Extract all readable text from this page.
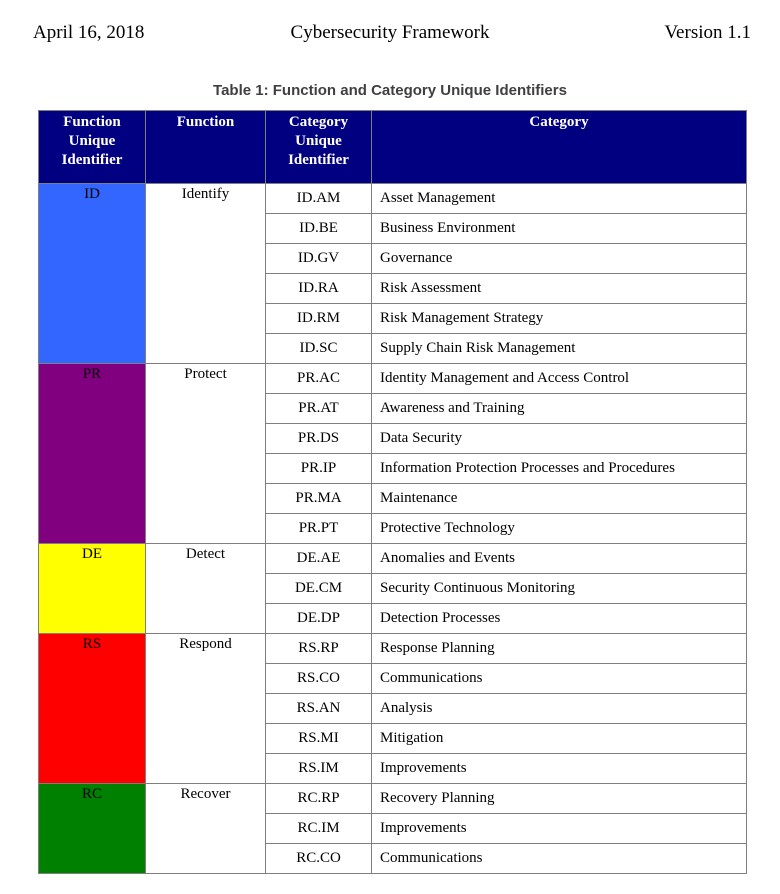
April 16, 2018	Cybersecurity Framework	Version 1.1
Table 1: Function and Category Unique Identifiers
Function Unique Identifier	Function	Category Unique Identifier	Category
ID	Identify	ID.AM	Asset Management
		ID.BE	Business Environment
		ID.GV	Governance
		ID.RA	Risk Assessment
		ID.RM	Risk Management Strategy
		ID.SC	Supply Chain Risk Management
PR	Protect	PR.AC	Identity Management and Access Control
		PR.AT	Awareness and Training
		PR.DS	Data Security
		PR.IP	Information Protection Processes and Procedures
		PR.MA	Maintenance
		PR.PT	Protective Technology
DE	Detect	DE.AE	Anomalies and Events
		DE.CM	Security Continuous Monitoring
		DE.DP	Detection Processes
RS	Respond	RS.RP	Response Planning
		RS.CO	Communications
		RS.AN	Analysis
		RS.MI	Mitigation
		RS.IM	Improvements
RC	Recover	RC.RP	Recovery Planning
		RC.IM	Improvements
		RC.CO	Communications
